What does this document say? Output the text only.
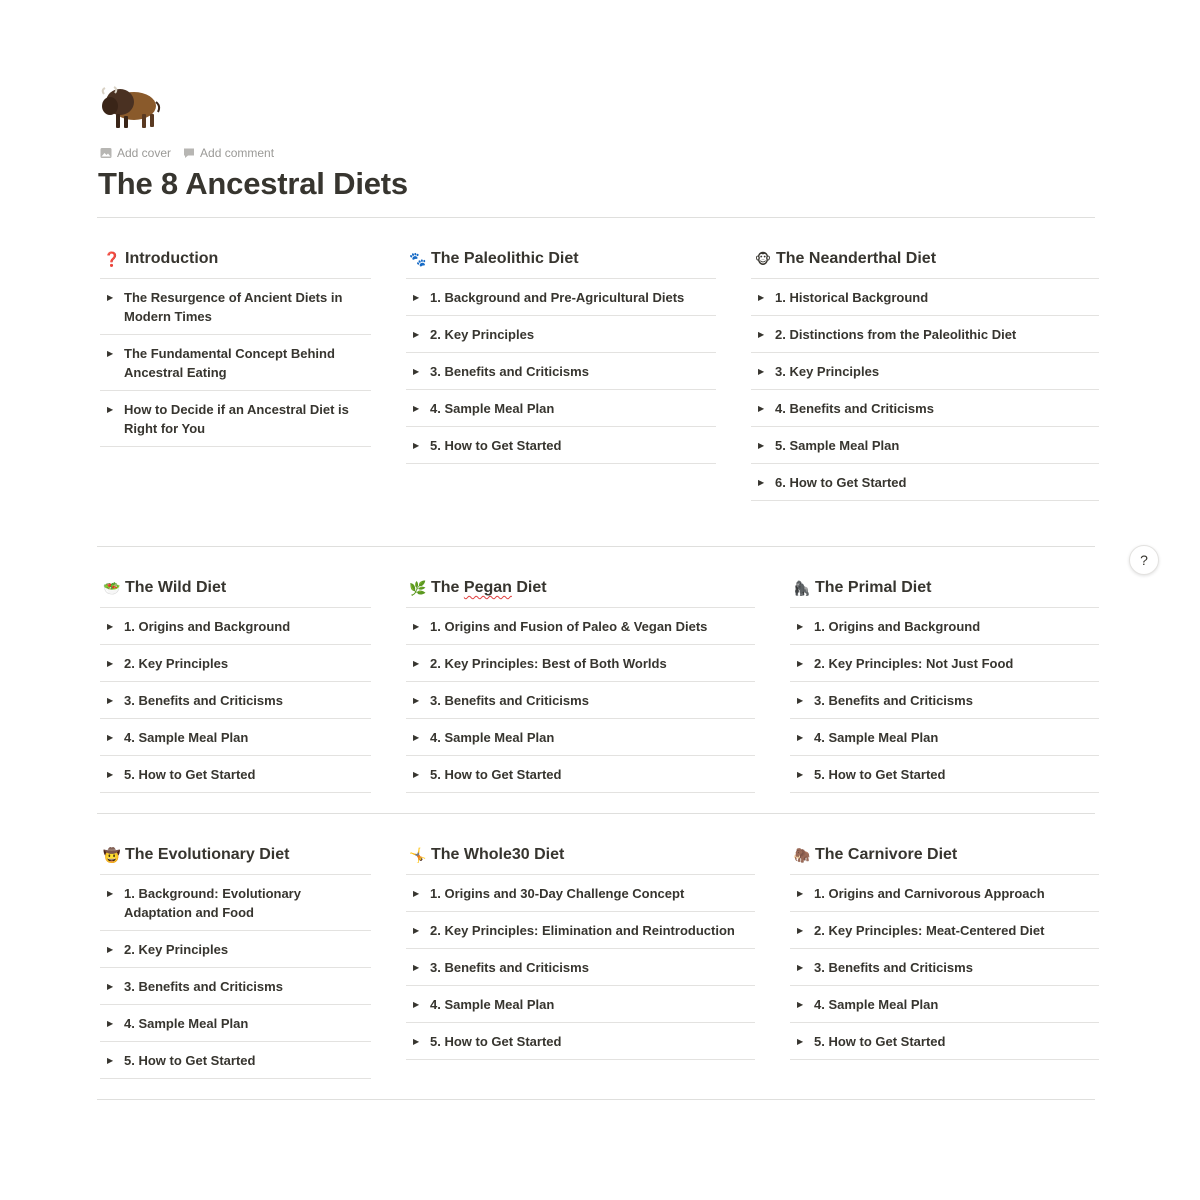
Add cover Add comment
The 8 Ancestral Diets
❓ Introduction
▶ The Resurgence of Ancient Diets in Modern Times
▶ The Fundamental Concept Behind Ancestral Eating
▶ How to Decide if an Ancestral Diet is Right for You
🐾 The Paleolithic Diet
▶ 1. Background and Pre-Agricultural Diets
▶ 2. Key Principles
▶ 3. Benefits and Criticisms
▶ 4. Sample Meal Plan
▶ 5. How to Get Started
🐵 The Neanderthal Diet
▶ 1. Historical Background
▶ 2. Distinctions from the Paleolithic Diet
▶ 3. Key Principles
▶ 4. Benefits and Criticisms
▶ 5. Sample Meal Plan
▶ 6. How to Get Started
🥗 The Wild Diet
▶ 1. Origins and Background
▶ 2. Key Principles
▶ 3. Benefits and Criticisms
▶ 4. Sample Meal Plan
▶ 5. How to Get Started
🌿 The Pegan Diet
▶ 1. Origins and Fusion of Paleo & Vegan Diets
▶ 2. Key Principles: Best of Both Worlds
▶ 3. Benefits and Criticisms
▶ 4. Sample Meal Plan
▶ 5. How to Get Started
🦍 The Primal Diet
▶ 1. Origins and Background
▶ 2. Key Principles: Not Just Food
▶ 3. Benefits and Criticisms
▶ 4. Sample Meal Plan
▶ 5. How to Get Started
🤠 The Evolutionary Diet
▶ 1. Background: Evolutionary Adaptation and Food
▶ 2. Key Principles
▶ 3. Benefits and Criticisms
▶ 4. Sample Meal Plan
▶ 5. How to Get Started
🤸 The Whole30 Diet
▶ 1. Origins and 30-Day Challenge Concept
▶ 2. Key Principles: Elimination and Reintroduction
▶ 3. Benefits and Criticisms
▶ 4. Sample Meal Plan
▶ 5. How to Get Started
🦣 The Carnivore Diet
▶ 1. Origins and Carnivorous Approach
▶ 2. Key Principles: Meat-Centered Diet
▶ 3. Benefits and Criticisms
▶ 4. Sample Meal Plan
▶ 5. How to Get Started
?
